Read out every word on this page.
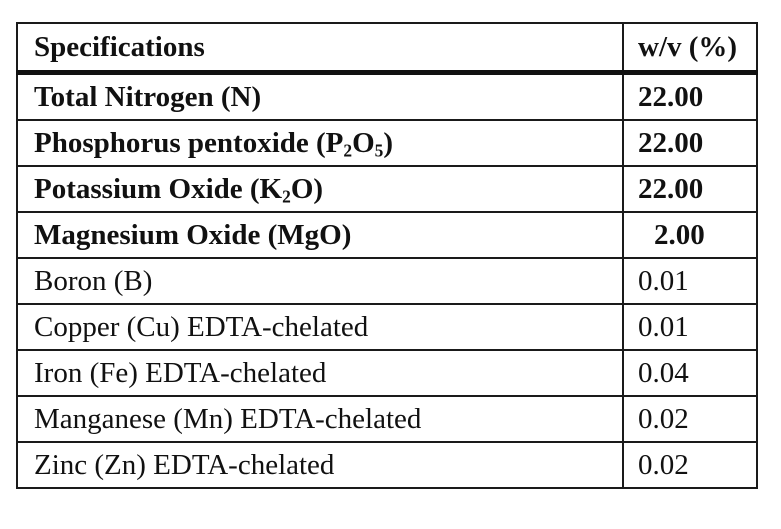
Specifications	w/v (%)
Total Nitrogen (N)	22.00
Phosphorus pentoxide $(P_2O_5)$	22.00
Potassium Oxide $(K_2O)$	22.00
Magnesium Oxide (MgO)	2.00
Boron (B)	0.01
Copper (Cu) EDTA-chelated	0.01
Iron (Fe) EDTA-chelated	0.04
Manganese (Mn) EDTA-chelated	0.02
Zinc (Zn) EDTA-chelated	0.02
